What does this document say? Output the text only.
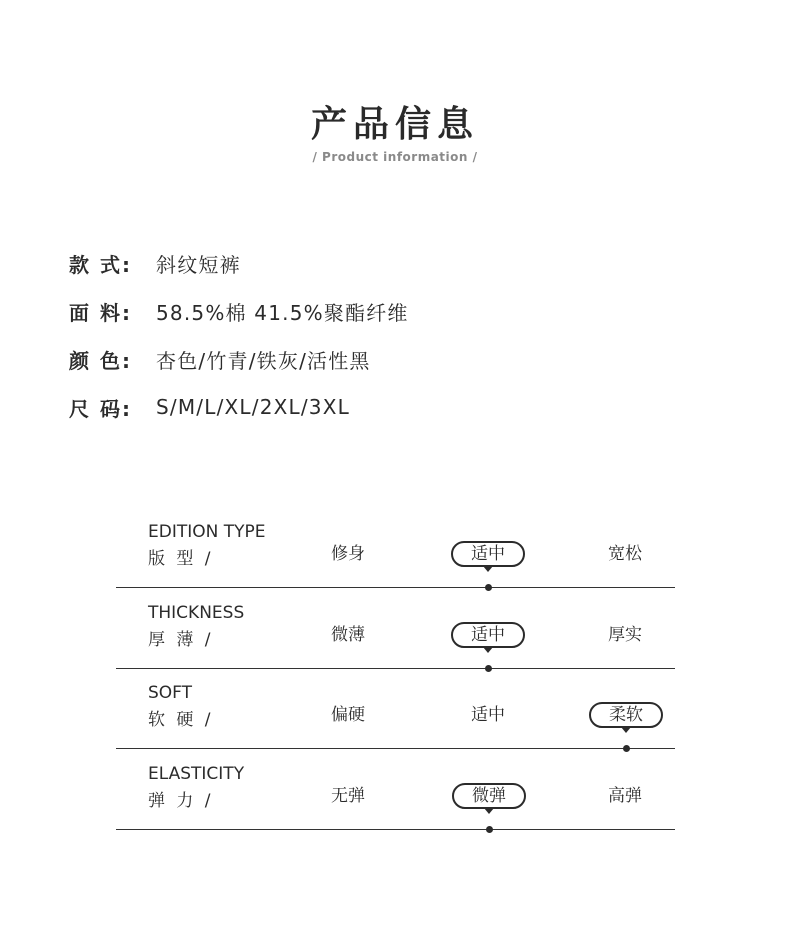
产品信息
/ Product information /
款 式:	斜纹短裤
面 料:	58.5%棉 41.5%聚酯纤维
颜 色:	杏色/竹青/铁灰/活性黑
尺 码:	S/M/L/XL/2XL/3XL
EDITION TYPE
版 型 /	修身	适中	宽松
THICKNESS
厚 薄 /	微薄	适中	厚实
SOFT
软 硬 /	偏硬	适中	柔软
ELASTICITY
弹 力 /	无弹	微弹	高弹
